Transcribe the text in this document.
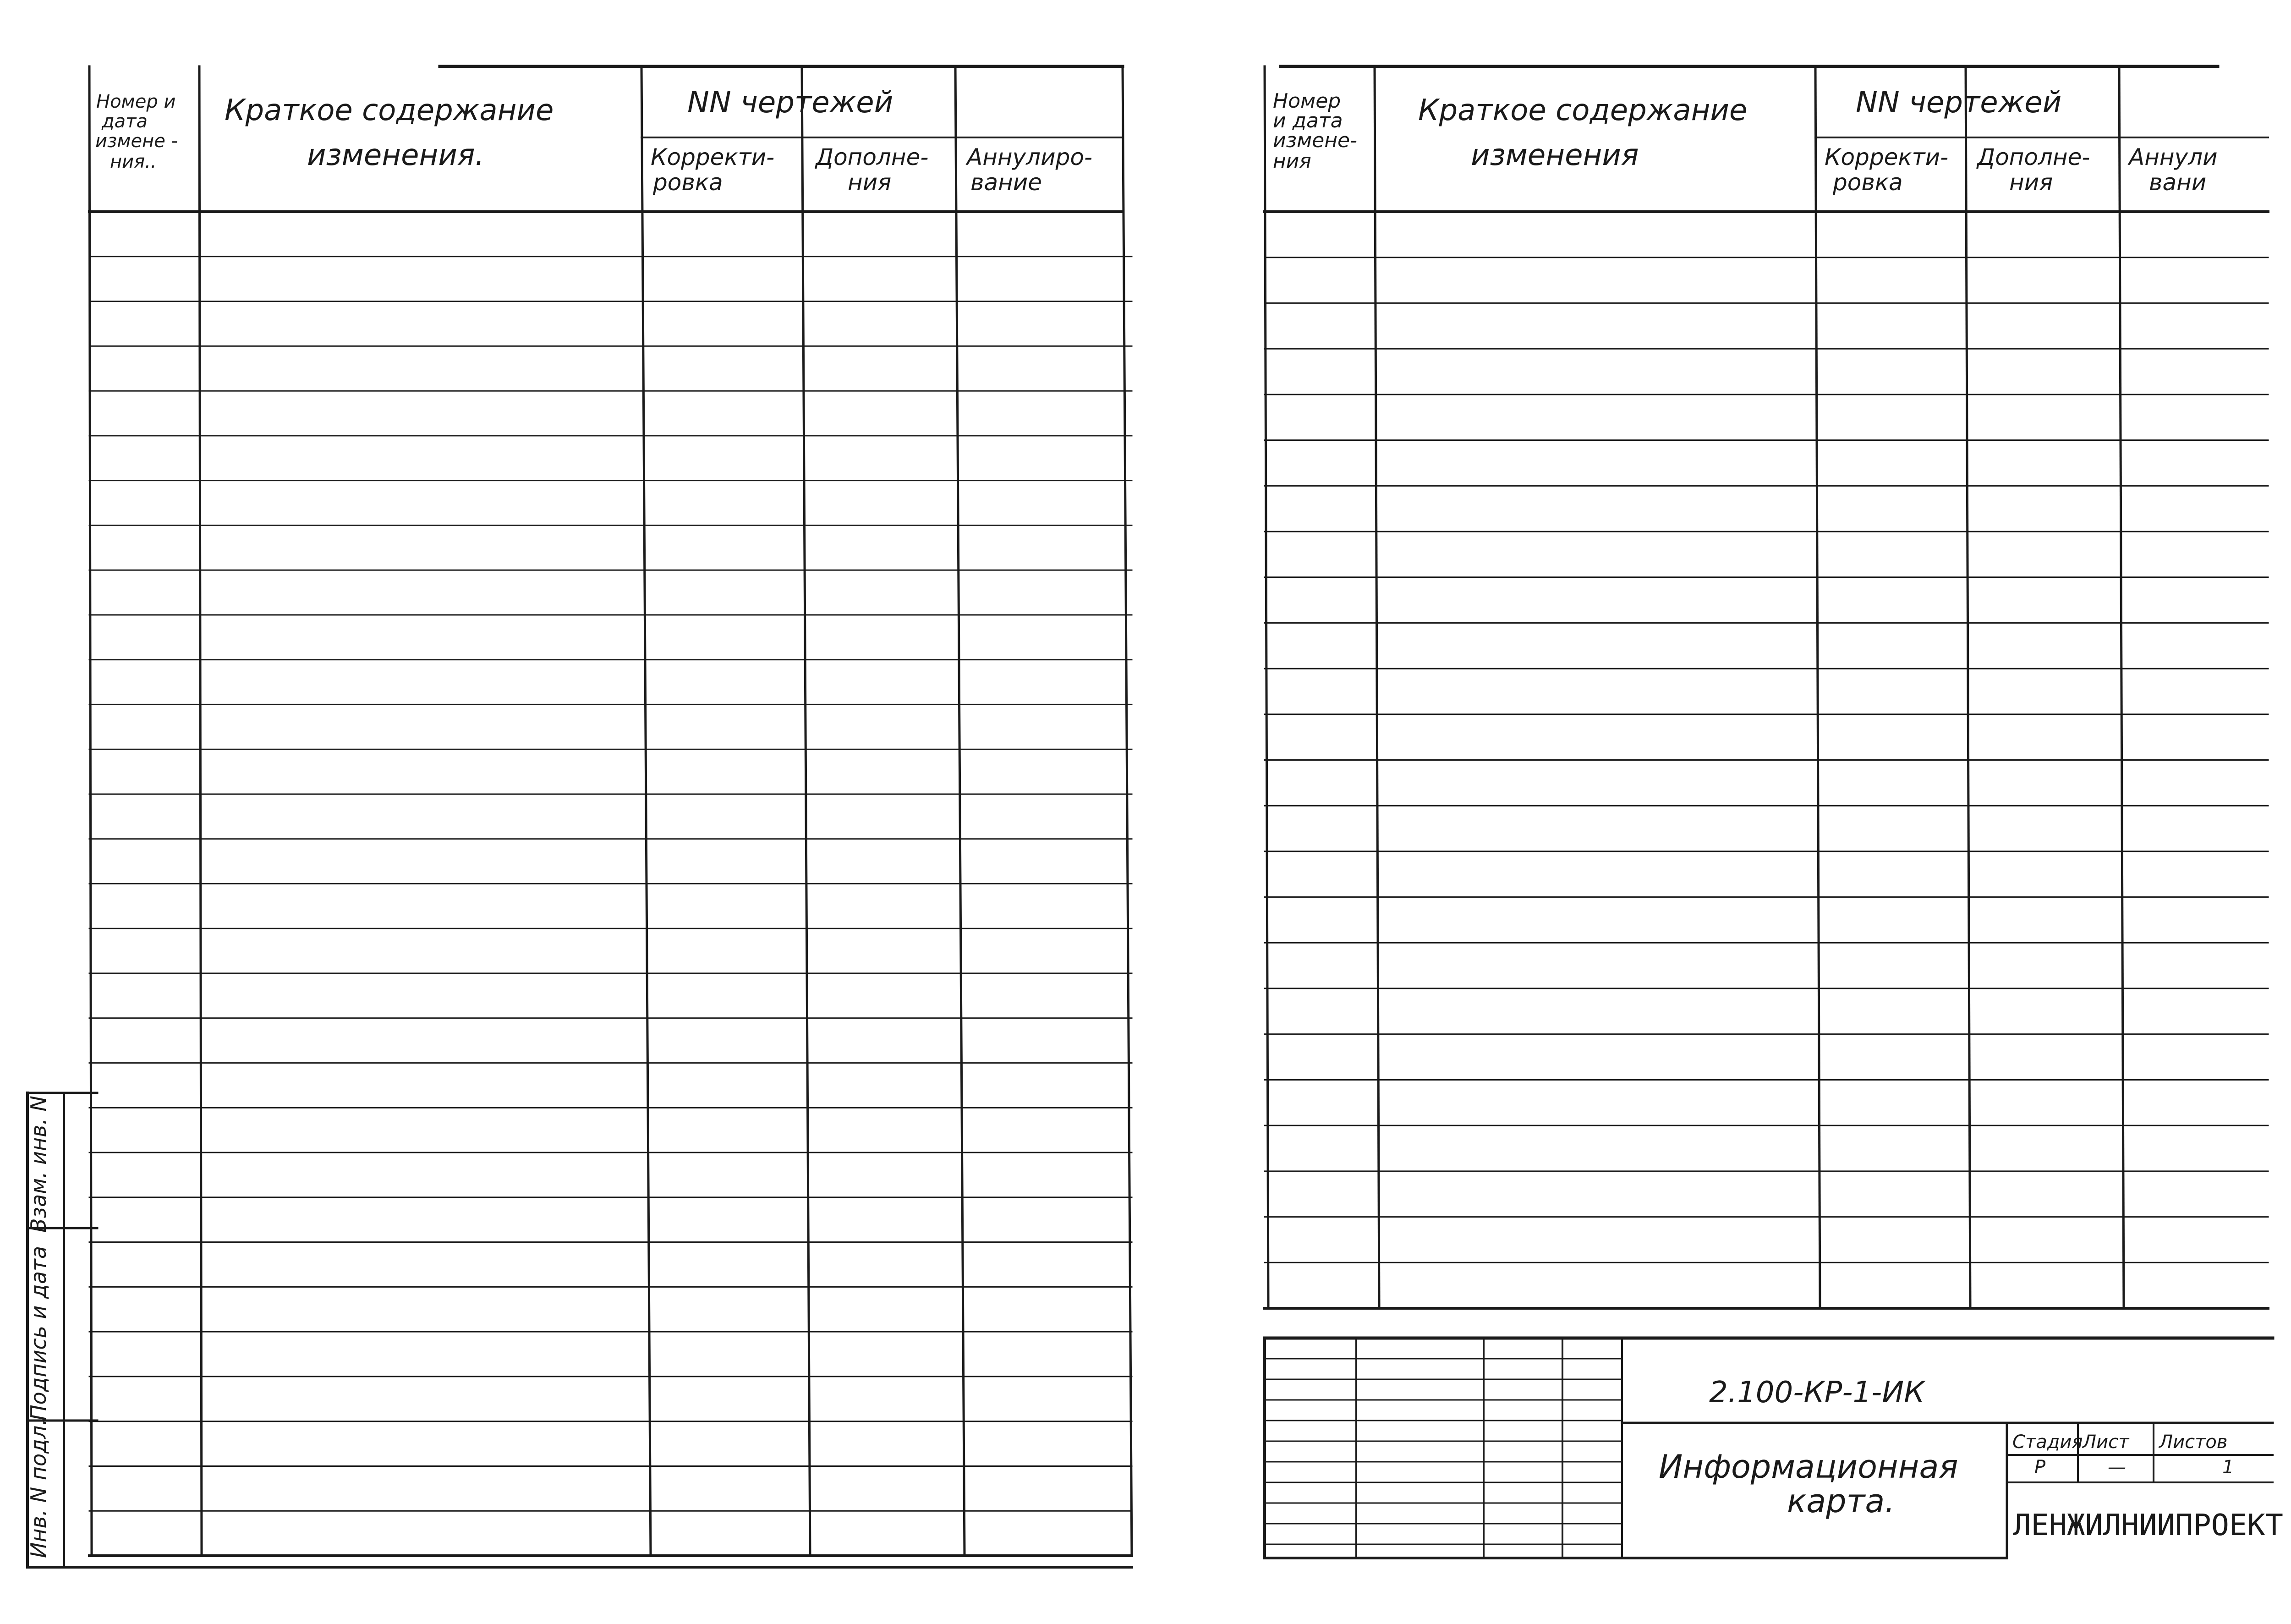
Номер и дата измене - ния..
Краткое содержание изменения.
NN чертежей
Корректи- ровка
Дополне- ния
Аннулиро- вание
Номер и дата измене- ния
Краткое содержание изменения
NN чертежей
Корректи- ровка
Дополне- ния
Аннули вани
Инв. N подл.
Подпись и дата
Взам. инв. N
2.100-КР-1-ИК
Информационная карта.
Стадия Лист Листов
Р	—	1
ЛЕНЖИЛНИИПРОЕКТ
